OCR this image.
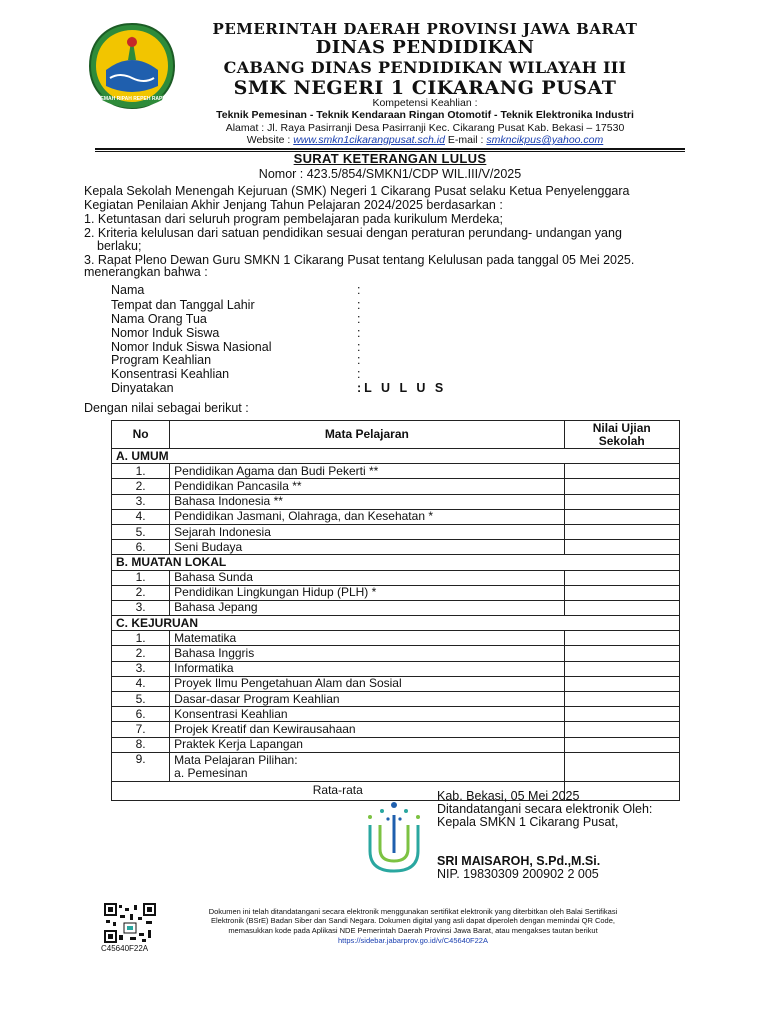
GEMAH RIPAH REPEH RAPIH
PEMERINTAH DAERAH PROVINSI JAWA BARAT
DINAS PENDIDIKAN
CABANG DINAS PENDIDIKAN WILAYAH III
SMK NEGERI 1 CIKARANG PUSAT
Kompetensi Keahlian :
Teknik Pemesinan - Teknik Kendaraan Ringan Otomotif - Teknik Elektronika Industri
Alamat : Jl. Raya Pasirranji Desa Pasirranji Kec. Cikarang Pusat Kab. Bekasi – 17530
Website : www.smkn1cikarangpusat.sch.id E-mail : smkncikpus@yahoo.com
SURAT KETERANGAN LULUS
Nomor : 423.5/854/SMKN1/CDP WIL.III/V/2025
Kepala Sekolah Menengah Kejuruan (SMK) Negeri 1 Cikarang Pusat selaku Ketua Penyelenggara
Kegiatan Penilaian Akhir Jenjang Tahun Pelajaran 2024/2025 berdasarkan :
1. Ketuntasan dari seluruh program pembelajaran pada kurikulum Merdeka;
2. Kriteria kelulusan dari satuan pendidikan sesuai dengan peraturan perundang- undangan yang
berlaku;
3. Rapat Pleno Dewan Guru SMKN 1 Cikarang Pusat tentang Kelulusan pada tanggal 05 Mei 2025.
menerangkan bahwa :
Nama	:
Tempat dan Tanggal Lahir	:
Nama Orang Tua	:
Nomor Induk Siswa	:
Nomor Induk Siswa Nasional	:
Program Keahlian	:
Konsentrasi Keahlian	:
Dinyatakan	:L U L U S
Dengan nilai sebagai berikut :
No	Mata Pelajaran	Nilai Ujian
Sekolah

A. UMUM		
1.	Pendidikan Agama dan Budi Pekerti **	
2.	Pendidikan Pancasila **	
3.	Bahasa Indonesia **	
4.	Pendidikan Jasmani, Olahraga, dan Kesehatan *	
5.	Sejarah Indonesia	
6.	Seni Budaya	
B. MUATAN LOKAL		
1.	Bahasa Sunda	
2.	Pendidikan Lingkungan Hidup (PLH) *	
3.	Bahasa Jepang	
C. KEJURUAN		
1.	Matematika	
2.	Bahasa Inggris	
3.	Informatika	
4.	Proyek Ilmu Pengetahuan Alam dan Sosial	
5.	Dasar-dasar Program Keahlian	
6.	Konsentrasi Keahlian	
7.	Projek Kreatif dan Kewirausahaan	
8.	Praktek Kerja Lapangan	
9.	Mata Pelajaran Pilihan:
a. Pemesinan	

Rata-rata			Kab. Bekasi, 05 Mei 2025
Ditandatangani secara elektronik Oleh:
Kepala SMKN 1 Cikarang Pusat,
SRI MAISAROH, S.Pd.,M.Si.
NIP. 19830309 200902 2 005
C45640F22A
Dokumen ini telah ditandatangani secara elektronik menggunakan sertifikat elektronik yang diterbitkan oleh Balai Sertifikasi
Elektronik (BSrE) Badan Siber dan Sandi Negara. Dokumen digital yang asli dapat diperoleh dengan memindai QR Code,
memasukkan kode pada Aplikasi NDE Pemerintah Daerah Provinsi Jawa Barat, atau mengakses tautan berikut
https://sidebar.jabarprov.go.id/v/C45640F22A
